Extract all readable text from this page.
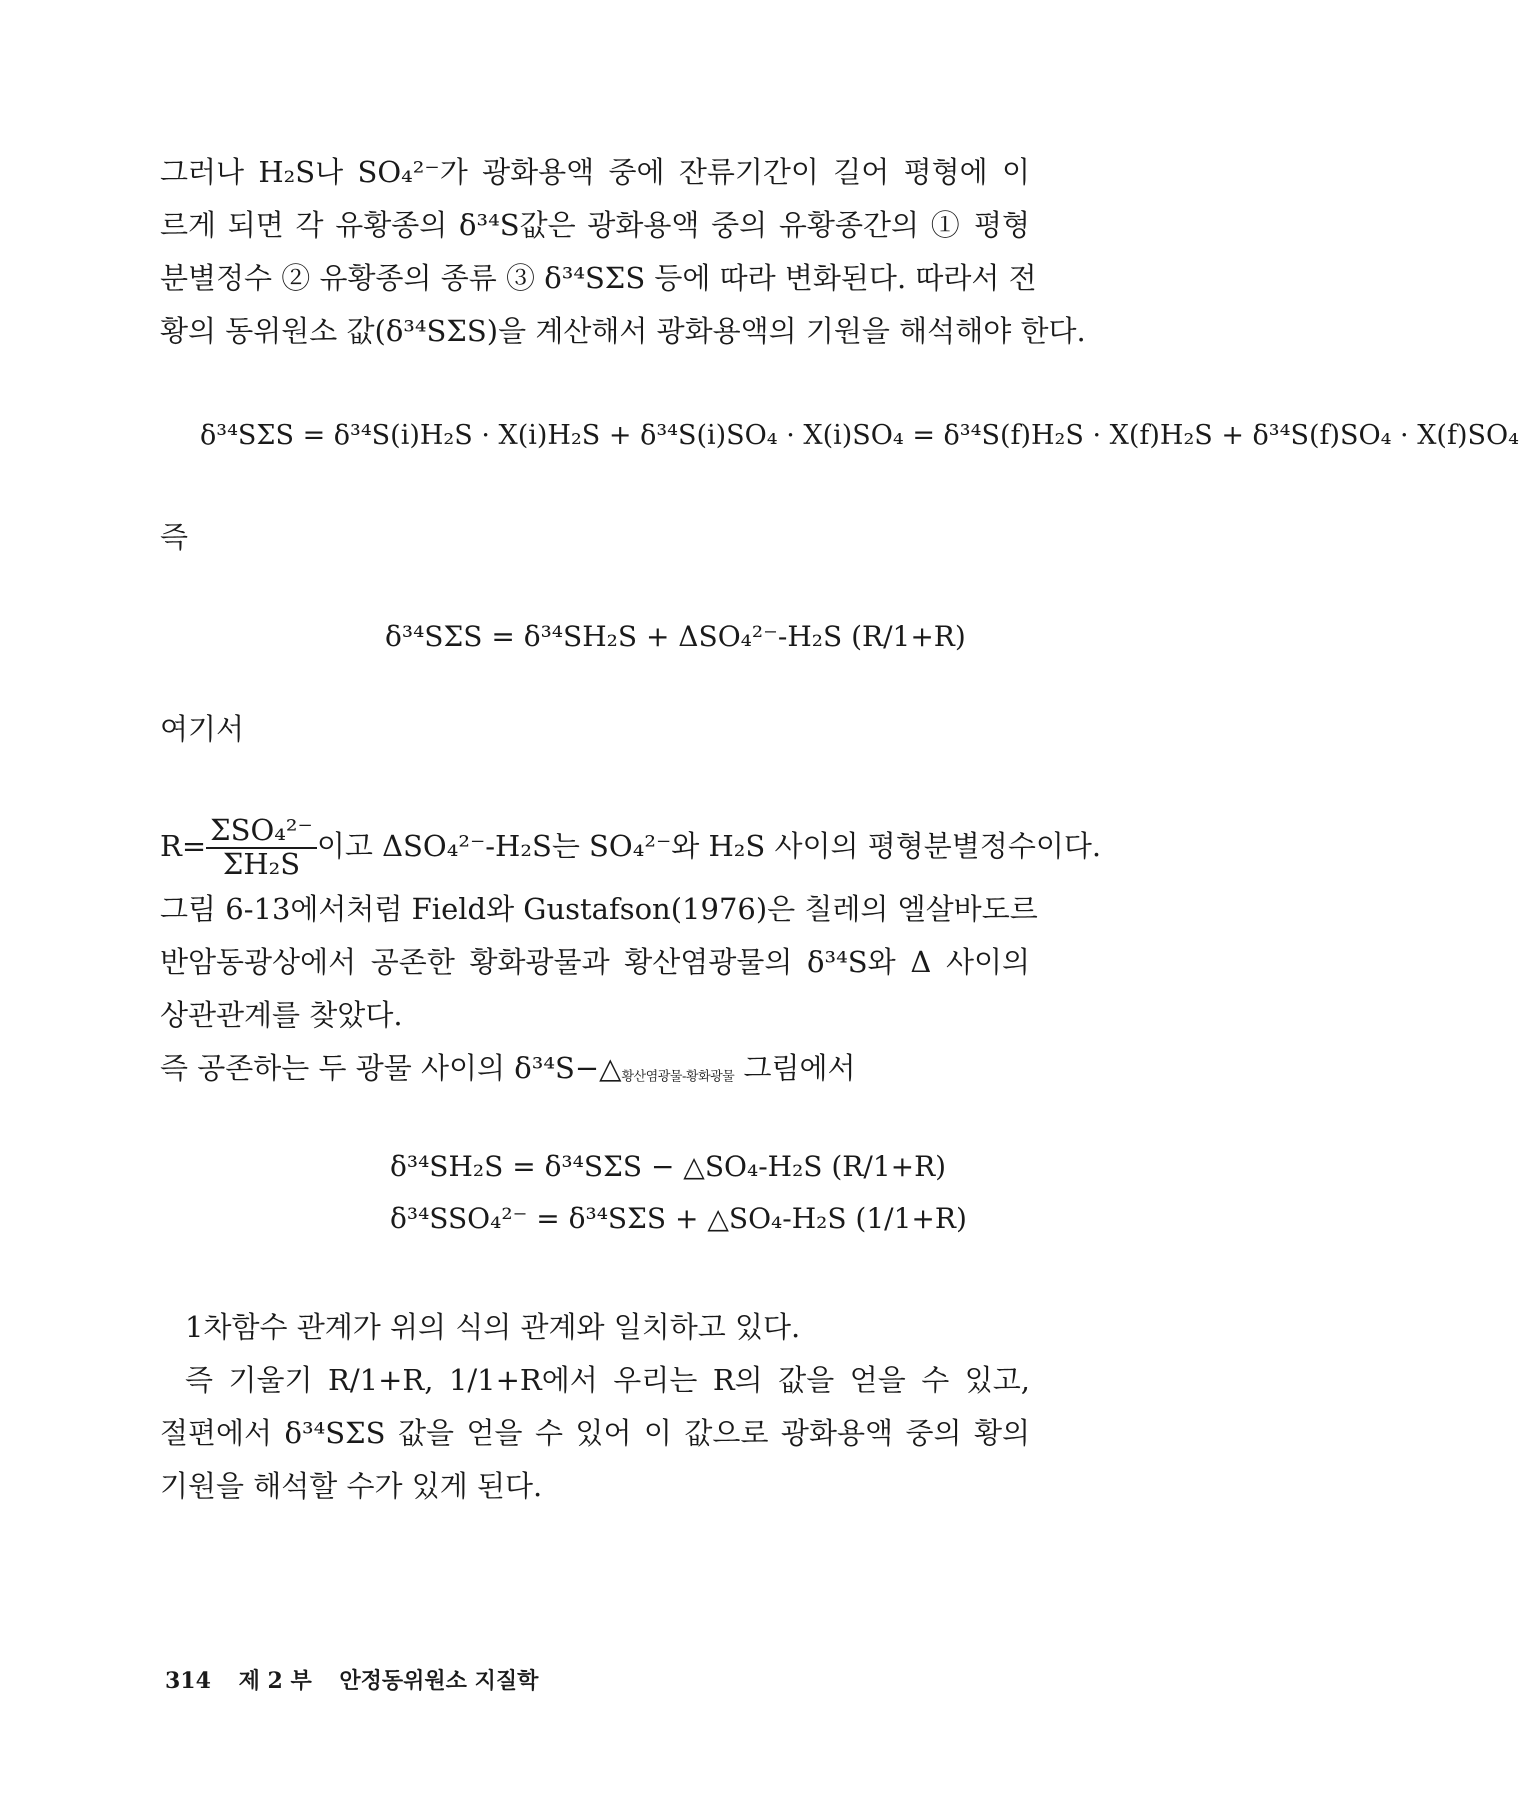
그러나 H₂S나 SO₄²⁻가 광화용액 중에 잔류기간이 길어 평형에 이
르게 되면 각 유황종의 δ³⁴S값은 광화용액 중의 유황종간의 ① 평형
분별정수 ② 유황종의 종류 ③ δ³⁴SΣS 등에 따라 변화된다. 따라서 전
황의 동위원소 값(δ³⁴SΣS)을 계산해서 광화용액의 기원을 해석해야 한다.
δ³⁴SΣS = δ³⁴S(i)H₂S · X(i)H₂S + δ³⁴S(i)SO₄ · X(i)SO₄ = δ³⁴S(f)H₂S · X(f)H₂S + δ³⁴S(f)SO₄ · X(f)SO₄
즉
δ³⁴SΣS = δ³⁴SH₂S + ΔSO₄²⁻-H₂S (R/1+R)
여기서
$R= \frac{\text{ΣSO₄²⁻}}{\text{ΣH₂S}}$ 이고 ΔSO₄²⁻-H₂S는 SO₄²⁻와 H₂S 사이의 평형분별정수이다.
그림 6-13에서처럼 Field와 Gustafson(1976)은 칠레의 엘살바도르
반암동광상에서 공존한 황화광물과 황산염광물의 δ³⁴S와 Δ 사이의
상관관계를 찾았다.
즉 공존하는 두 광물 사이의 δ³⁴S−△황산염광물-황화광물 그림에서
δ³⁴SH₂S = δ³⁴SΣS − △SO₄-H₂S (R/1+R)
δ³⁴SSO₄²⁻ = δ³⁴SΣS + △SO₄-H₂S (1/1+R)
1차함수 관계가 위의 식의 관계와 일치하고 있다.
즉 기울기 R/1+R, 1/1+R에서 우리는 R의 값을 얻을 수 있고,
절편에서 δ³⁴SΣS 값을 얻을 수 있어 이 값으로 광화용액 중의 황의
기원을 해석할 수가 있게 된다.
314 제 2 부 안정동위원소 지질학
